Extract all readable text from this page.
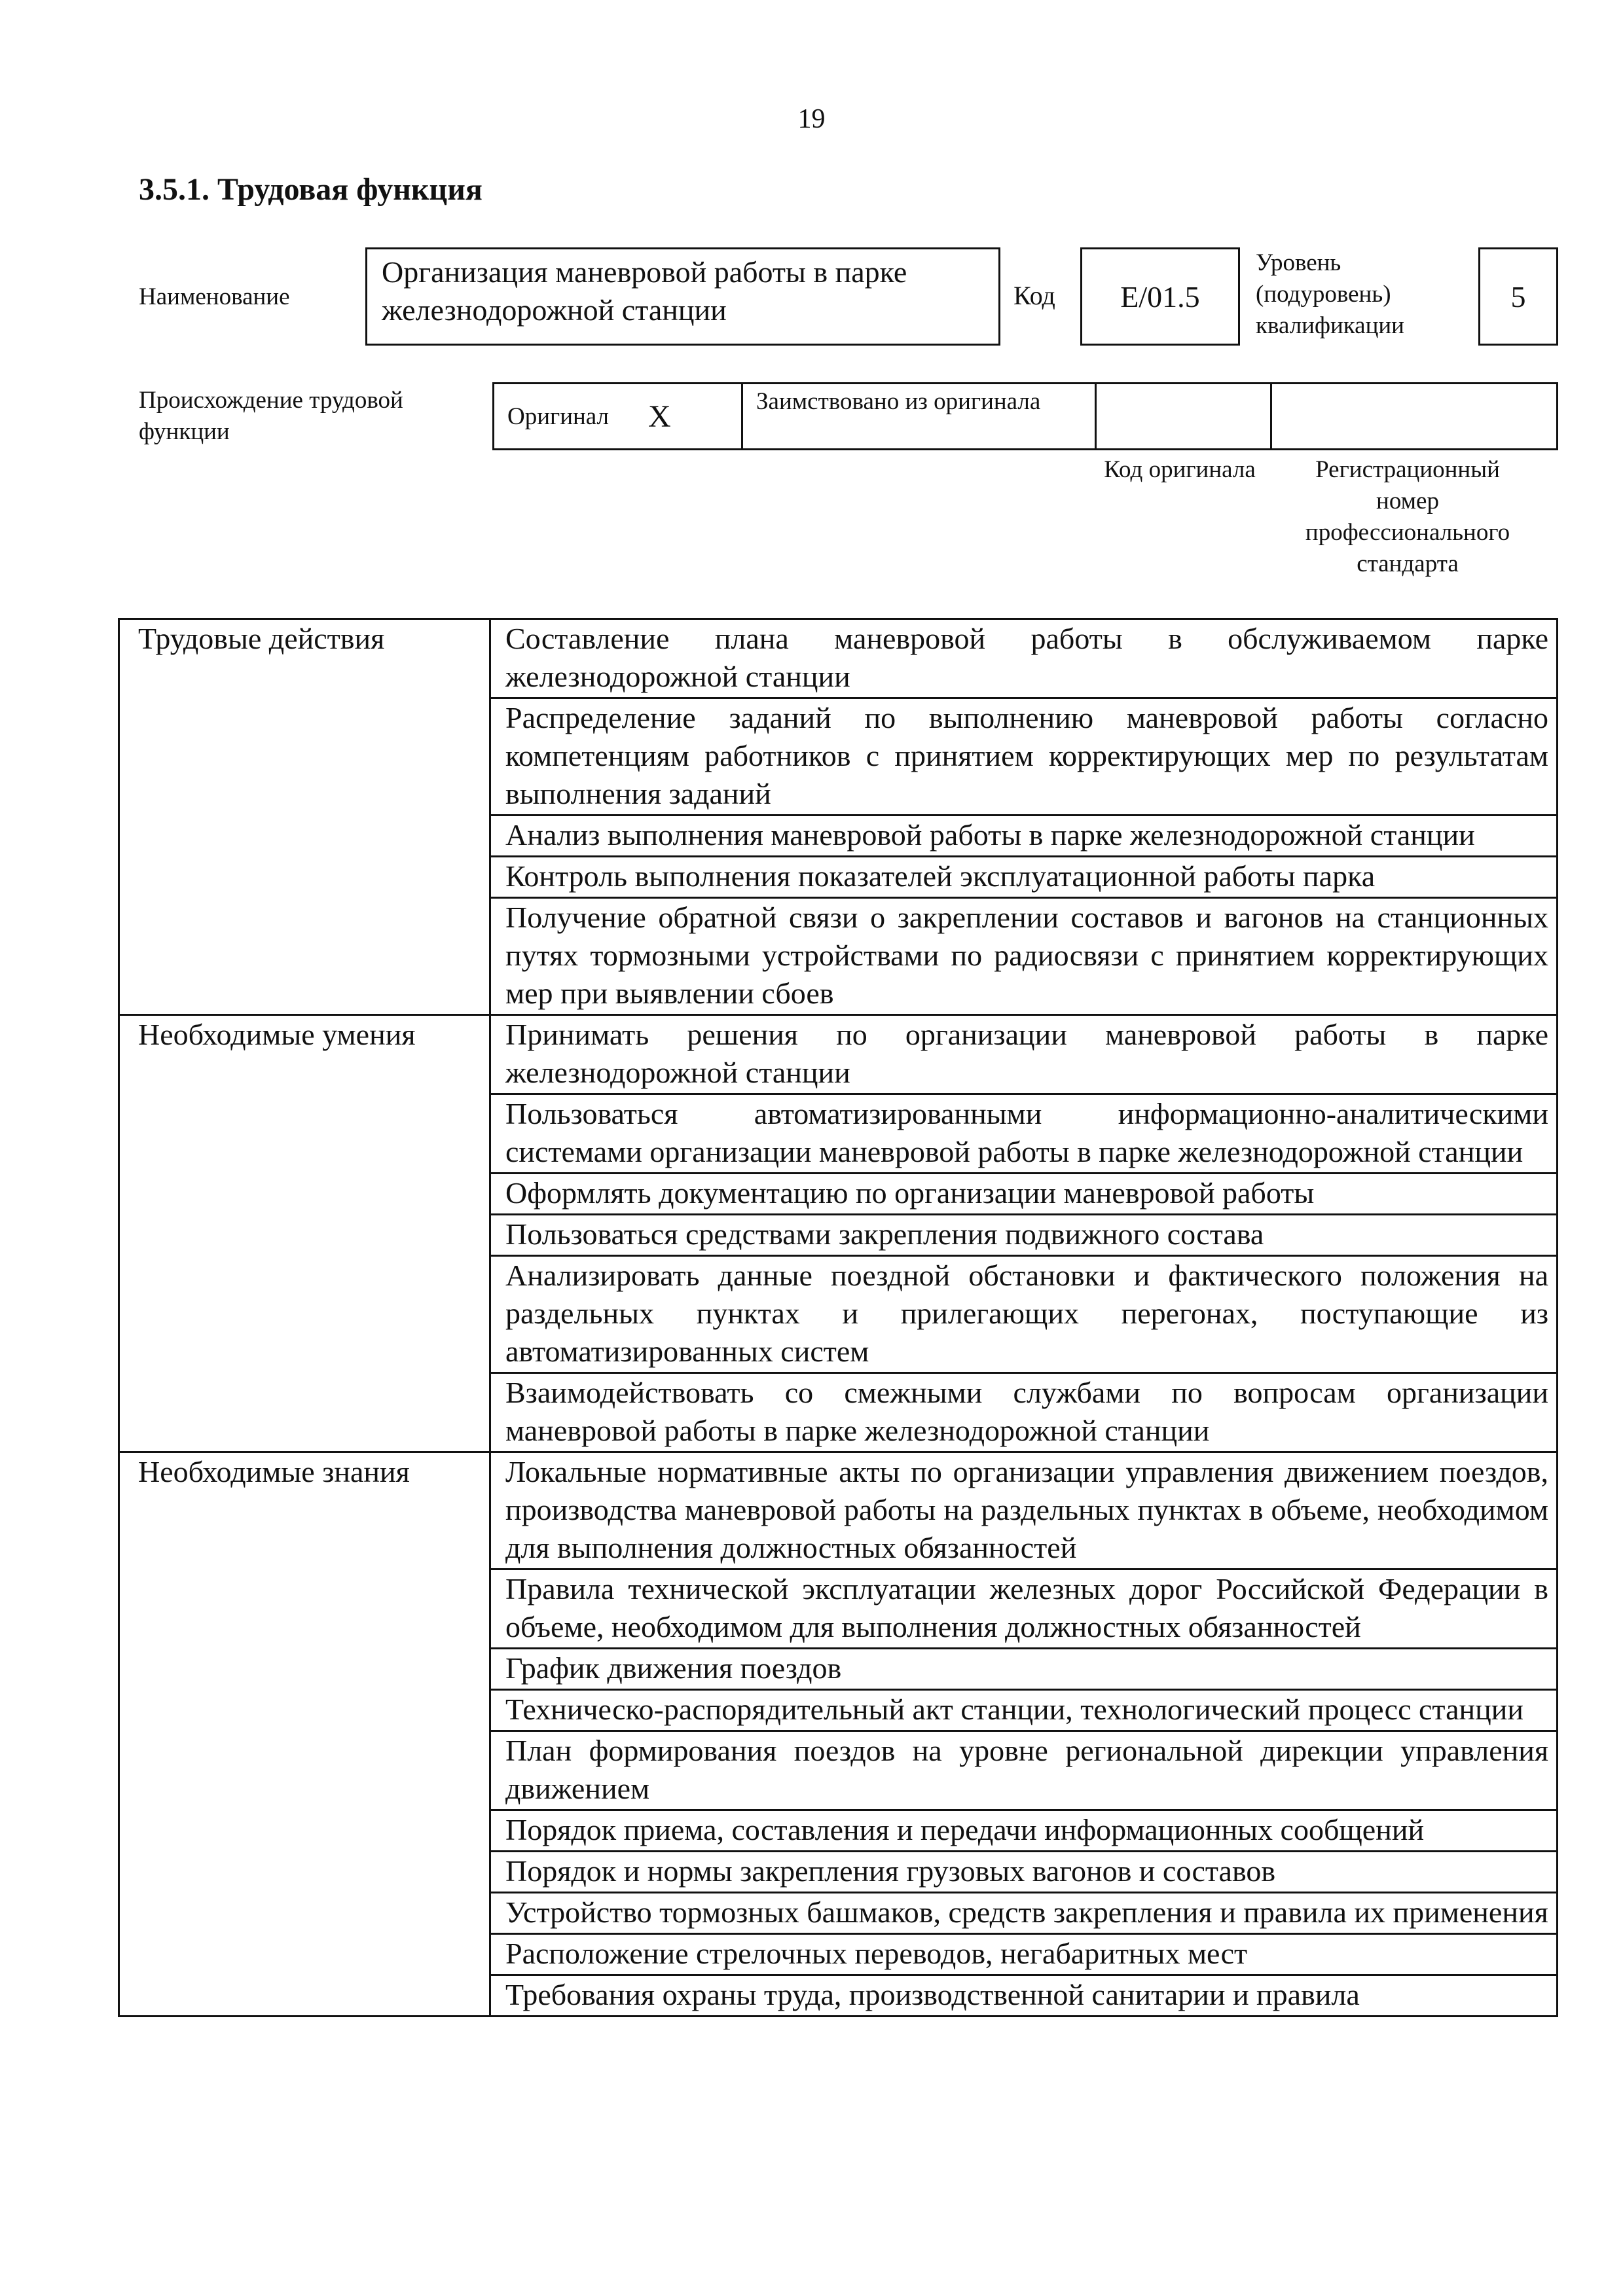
19
3.5.1. Трудовая функция
Наименование
Организация маневровой работы в парке железнодорожной станции	Код	E/01.5
Уровень (подуровень) квалификации
5
Происхождение трудовой функции
Оригинал X	Заимствовано из оригинала
Код оригинала	Регистрационный номер профессионального стандарта
Трудовые действия	Составление плана маневровой работы в обслуживаемом парке железнодорожной станции
	Распределение заданий по выполнению маневровой работы согласно компетенциям работников с принятием корректирующих мер по результатам выполнения заданий
	Анализ выполнения маневровой работы в парке железнодорожной станции
	Контроль выполнения показателей эксплуатационной работы парка
	Получение обратной связи о закреплении составов и вагонов на станционных путях тормозными устройствами по радиосвязи с принятием корректирующих мер при выявлении сбоев
Необходимые умения	Принимать решения по организации маневровой работы в парке железнодорожной станции
	Пользоваться автоматизированными информационно-аналитическими системами организации маневровой работы в парке железнодорожной станции
	Оформлять документацию по организации маневровой работы
	Пользоваться средствами закрепления подвижного состава
	Анализировать данные поездной обстановки и фактического положения на раздельных пунктах и прилегающих перегонах, поступающие из автоматизированных систем
	Взаимодействовать со смежными службами по вопросам организации маневровой работы в парке железнодорожной станции
Необходимые знания	Локальные нормативные акты по организации управления движением поездов, производства маневровой работы на раздельных пунктах в объеме, необходимом для выполнения должностных обязанностей
	Правила технической эксплуатации железных дорог Российской Федерации в объеме, необходимом для выполнения должностных обязанностей
	График движения поездов
	Техническо-распорядительный акт станции, технологический процесс станции
	План формирования поездов на уровне региональной дирекции управления движением
	Порядок приема, составления и передачи информационных сообщений
	Порядок и нормы закрепления грузовых вагонов и составов
	Устройство тормозных башмаков, средств закрепления и правила их применения
	Расположение стрелочных переводов, негабаритных мест
	Требования охраны труда, производственной санитарии и правила
